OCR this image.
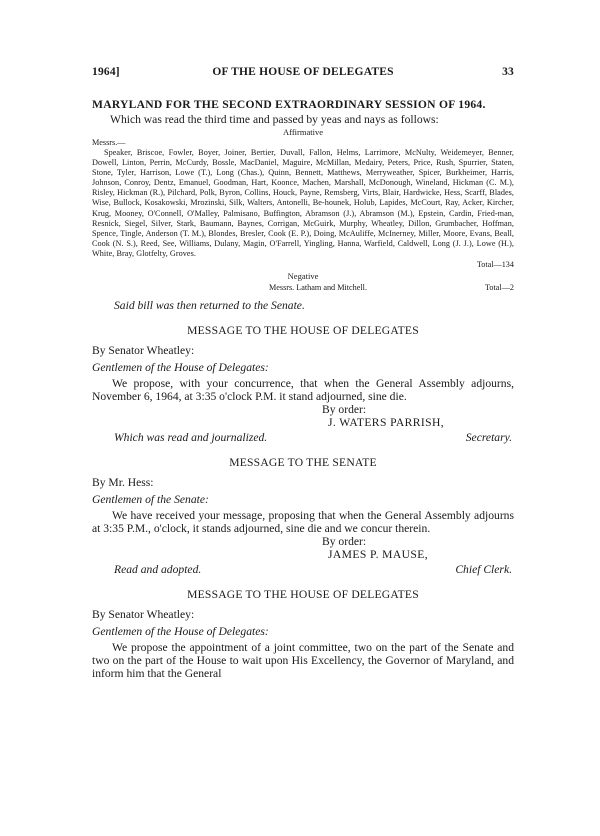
1964]	OF THE HOUSE OF DELEGATES	33
MARYLAND FOR THE SECOND EXTRAORDINARY SESSION OF 1964.

Which was read the third time and passed by yeas and nays as follows:

Affirmative
Messrs.—

Speaker, Briscoe, Fowler, Boyer, Joiner, Bertier, Duvall, Fallon, Helms, Larrimore, McNulty, Weidemeyer, Benner, Dowell, Linton, Perrin, McCurdy, Bossle, MacDaniel, Maguire, McMillan, Medairy, Peters, Price, Rush, Spurrier, Staten, Stone, Tyler, Harrison, Lowe (T.), Long (Chas.), Quinn, Bennett, Matthews, Merryweather, Spicer, Burkheimer, Harris, Johnson, Conroy, Dentz, Emanuel, Goodman, Hart, Koonce, Machen, Marshall, McDonough, Wineland, Hickman (C. M.), Risley, Hickman (R.), Pilchard, Polk, Byron, Collins, Houck, Payne, Remsberg, Virts, Blair, Hardwicke, Hess, Scarff, Blades, Wise, Bullock, Kosakowski, Mrozinski, Silk, Walters, Antonelli, Be-hounek, Holub, Lapides, McCourt, Ray, Acker, Kircher, Krug, Mooney, O'Connell, O'Malley, Palmisano, Buffington, Abramson (J.), Abramson (M.), Epstein, Cardin, Fried-man, Resnick, Siegel, Silver, Stark, Baumann, Baynes, Corrigan, McGuirk, Murphy, Wheatley, Dillon, Grumbacher, Hoffman, Spence, Tingle, Anderson (T. M.), Blondes, Bresler, Cook (E. P.), Doing, McAuliffe, McInerney, Miller, Moore, Evans, Beall, Cook (N. S.), Reed, See, Williams, Dulany, Magin, O'Farrell, Yingling, Hanna, Warfield, Caldwell, Long (J. J.), Lowe (H.), White, Bray, Glotfelty, Groves.

Total—134
Negative
Messrs. Latham and Mitchell.	Total—2
Said bill was then returned to the Senate.
MESSAGE TO THE HOUSE OF DELEGATES
By Senator Wheatley:
Gentlemen of the House of Delegates:

We propose, with your concurrence, that when the General Assembly adjourns, November 6, 1964, at 3:35 o'clock P.M. it stand adjourned, sine die.

By order:
J. WATERS PARRISH,
Which was read and journalized.	Secretary.
MESSAGE TO THE SENATE
By Mr. Hess:
Gentlemen of the Senate:

We have received your message, proposing that when the General Assembly adjourns at 3:35 P.M., o'clock, it stands adjourned, sine die and we concur therein.

By order:
JAMES P. MAUSE,
Read and adopted.	Chief Clerk.
MESSAGE TO THE HOUSE OF DELEGATES
By Senator Wheatley:
Gentlemen of the House of Delegates:

We propose the appointment of a joint committee, two on the part of the Senate and two on the part of the House to wait upon His Excellency, the Governor of Maryland, and inform him that the General
